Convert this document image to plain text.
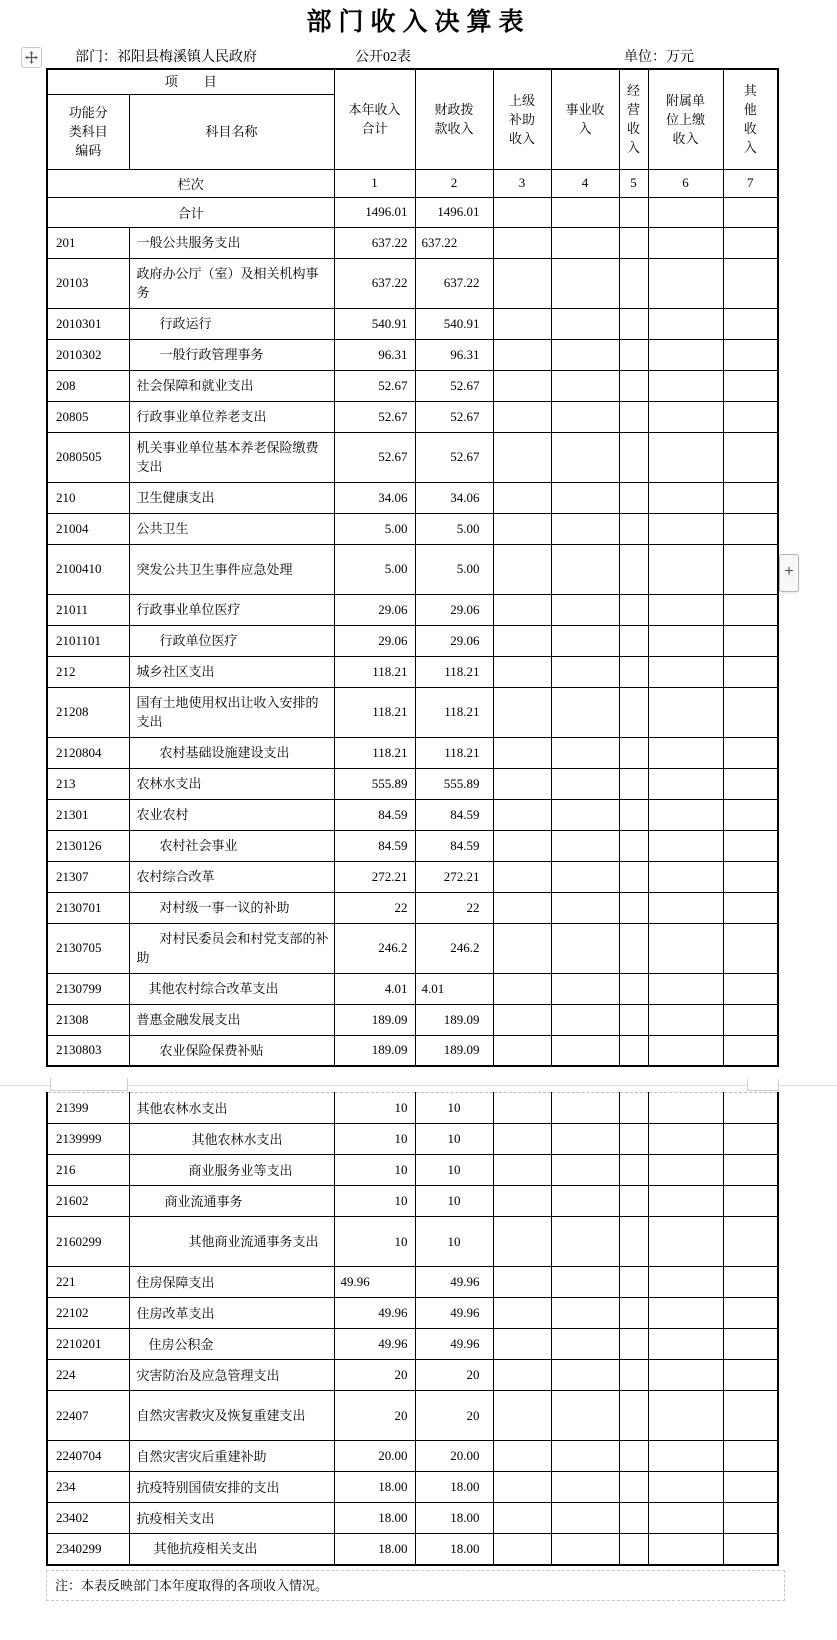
部门收入决算表
部门：祁阳县梅溪镇人民政府	公开02表	单位：万元
项　　目		本年收入合计	财政拨款收入	上级补助收入	事业收入	经营收入	附属单位上缴收入	其他收入
功能分类科目编码	科目名称							
栏次		1	2	3	4	5	6	7
合计		1496.01	1496.01					
201	一般公共服务支出	637.22	637.22					
20103	政府办公厅（室）及相关机构事务	637.22	637.22					
2010301	行政运行	540.91	540.91					
2010302	一般行政管理事务	96.31	96.31					
208	社会保障和就业支出	52.67	52.67					
20805	行政事业单位养老支出	52.67	52.67					
2080505	机关事业单位基本养老保险缴费支出	52.67	52.67					
210	卫生健康支出	34.06	34.06					
21004	公共卫生	5.00	5.00					
2100410	突发公共卫生事件应急处理	5.00	5.00					
21011	行政事业单位医疗	29.06	29.06					
2101101	行政单位医疗	29.06	29.06					
212	城乡社区支出	118.21	118.21					
21208	国有土地使用权出让收入安排的支出	118.21	118.21					
2120804	农村基础设施建设支出	118.21	118.21					
213	农林水支出	555.89	555.89					
21301	农业农村	84.59	84.59					
2130126	农村社会事业	84.59	84.59					
21307	农村综合改革	272.21	272.21					
2130701	对村级一事一议的补助	22	22					
2130705	对村民委员会和村党支部的补助	246.2	246.2					
2130799	其他农村综合改革支出	4.01	4.01					
21308	普惠金融发展支出	189.09	189.09					
2130803	农业保险保费补贴	189.09	189.09					
21399	其他农林水支出	10	10					
2139999	其他农林水支出	10	10					
216	商业服务业等支出	10	10					
21602	商业流通事务	10	10					
2160299	其他商业流通事务支出	10	10					
221	住房保障支出	49.96	49.96					
22102	住房改革支出	49.96	49.96					
2210201	住房公积金	49.96	49.96					
224	灾害防治及应急管理支出	20	20					
22407	自然灾害救灾及恢复重建支出	20	20					
2240704	自然灾害灾后重建补助	20.00	20.00					
234	抗疫特别国债安排的支出	18.00	18.00					
23402	抗疫相关支出	18.00	18.00					
2340299	其他抗疫相关支出	18.00	18.00					
注：本表反映部门本年度取得的各项收入情况。
+
